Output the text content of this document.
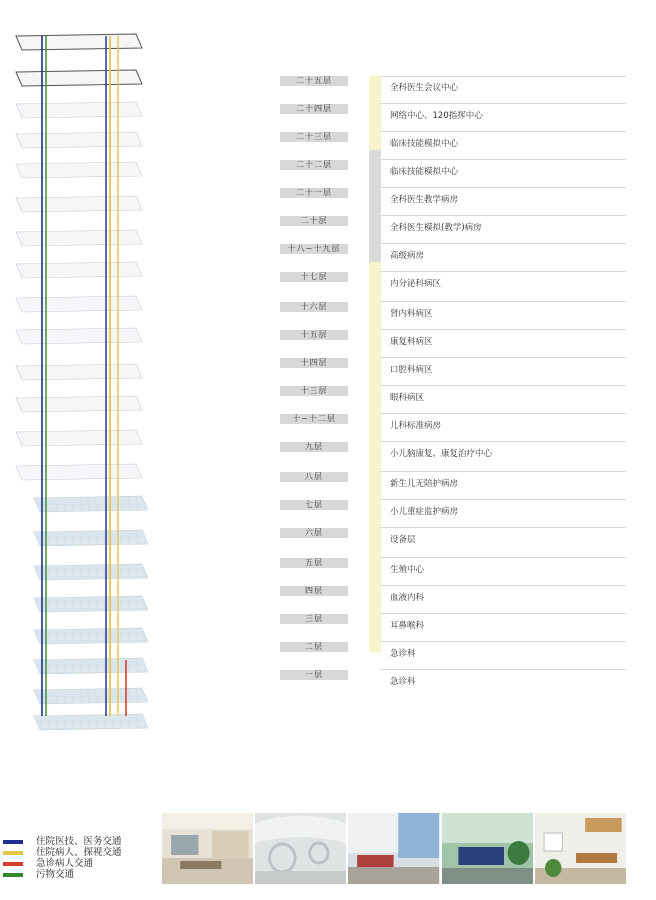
二十五层
全科医生会议中心
二十四层
网络中心、120指挥中心
二十三层
临床技能模拟中心
二十二层
临床技能模拟中心
二十一层
全科医生教学病房
二十层
全科医生模拟(教学)病房
十八~十九层
高级病房
十七层
内分泌科病区
十六层
肾内科病区
十五层
康复科病区
十四层
口腔科病区
十三层
眼科病区
十~十二层
儿科标准病房
九层
小儿脑康复、康复治疗中心
八层
新生儿无陪护病房
七层
小儿重症监护病房
六层
设备层
五层
生殖中心
四层
血液内科
三层
耳鼻喉科
二层
急诊科
一层
急诊科
住院医技、医务交通
住院病人、探视交通
急诊病人交通
污物交通
